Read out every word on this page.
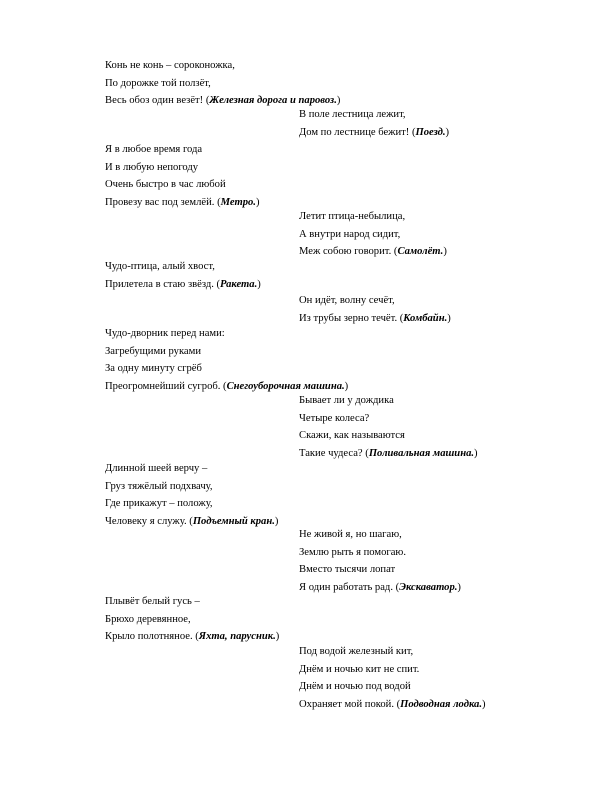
Конь не конь – сороконожка,
По дорожке той ползёт,
Весь обоз один везёт! (Железная дорога и паровоз.)
В поле лестница лежит,
Дом по лестнице бежит! (Поезд.)
Я в любое время года
И в любую непогоду
Очень быстро в час любой
Провезу вас под землёй. (Метро.)
Летит птица-небылица,
А внутри народ сидит,
Меж собою говорит. (Самолёт.)
Чудо-птица, алый хвост,
Прилетела в стаю звёзд. (Ракета.)
Он идёт, волну сечёт,
Из трубы зерно течёт. (Комбайн.)
Чудо-дворник перед нами:
Загребущими руками
За одну минуту сгрёб
Преогромнейший сугроб. (Снегоуборочная машина.)
Бывает ли у дождика
Четыре колеса?
Скажи, как называются
Такие чудеса? (Поливальная машина.)
Длинной шеей верчу –
Груз тяжёлый подхвачу,
Где прикажут – положу,
Человеку я служу. (Подъемный кран.)
Не живой я, но шагаю,
Землю рыть я помогаю.
Вместо тысячи лопат
Я один работать рад. (Экскаватор.)
Плывёт белый гусь –
Брюхо деревянное,
Крыло полотняное. (Яхта, парусник.)
Под водой железный кит,
Днём и ночью кит не спит.
Днём и ночью под водой
Охраняет мой покой. (Подводная лодка.)
